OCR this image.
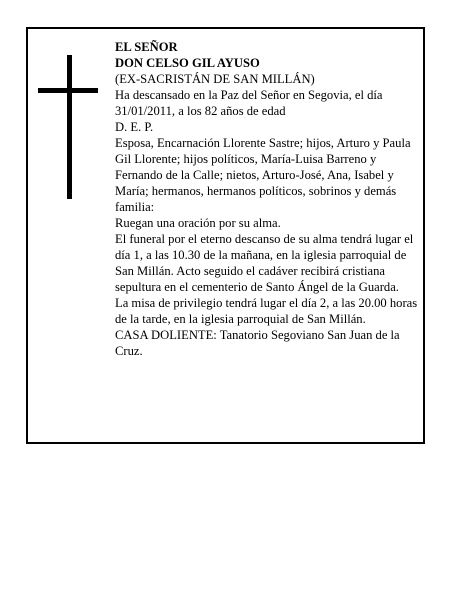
EL SEÑOR

DON CELSO GIL AYUSO

(EX-SACRISTÁN DE SAN MILLÁN)

Ha descansado en la Paz del Señor en Segovia, el día 31/01/2011, a los 82 años de edad

D. E. P.

Esposa, Encarnación Llorente Sastre; hijos, Arturo y Paula Gil Llorente; hijos políticos, María-Luisa Barreno y Fernando de la Calle; nietos, Arturo-José, Ana, Isabel y María; hermanos, hermanos políticos, sobrinos y demás familia:

Ruegan una oración por su alma.

El funeral por el eterno descanso de su alma tendrá lugar el día 1, a las 10.30 de la mañana, en la iglesia parroquial de San Millán. Acto seguido el cadáver recibirá cristiana sepultura en el cementerio de Santo Ángel de la Guarda.

La misa de privilegio tendrá lugar el día 2, a las 20.00 horas de la tarde, en la iglesia parroquial de San Millán.

CASA DOLIENTE: Tanatorio Segoviano San Juan de la Cruz.
